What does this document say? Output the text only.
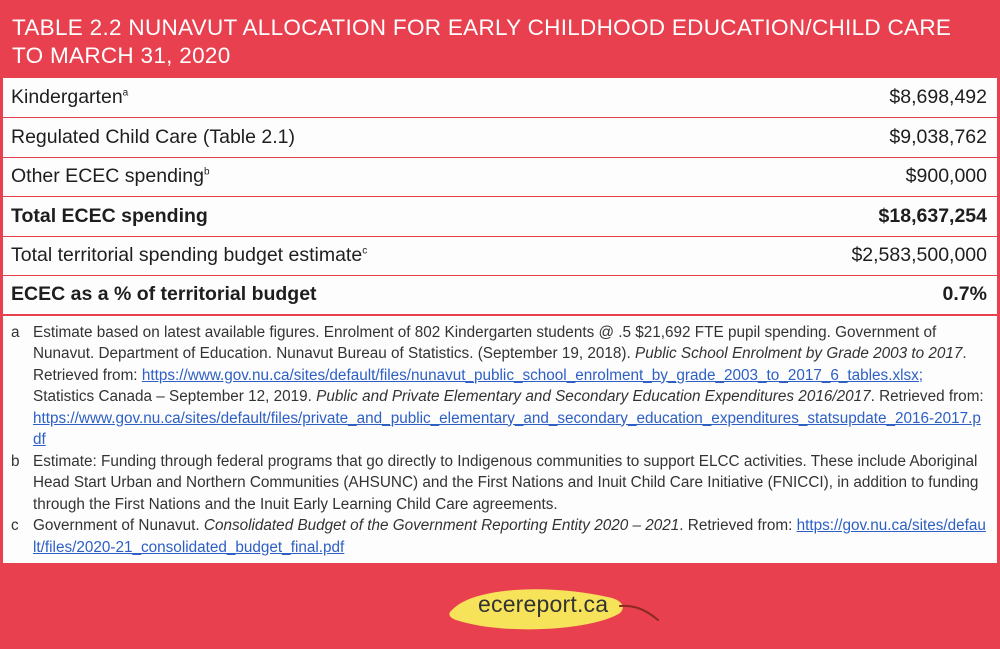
TABLE 2.2 NUNAVUT ALLOCATION FOR EARLY CHILDHOOD EDUCATION/CHILD CARE
TO MARCH 31, 2020
Kindergarten$^a$	$8,698,492
Regulated Child Care (Table 2.1)	$9,038,762
Other ECEC spending$^b$	$900,000
Total ECEC spending	$18,637,254
Total territorial spending budget estimate$^c$	$2,583,500,000
ECEC as a % of territorial budget	0.7%
a Estimate based on latest available figures. Enrolment of 802 Kindergarten students @ .5 $21,692 FTE pupil spending. Government of Nunavut. Department of Education. Nunavut Bureau of Statistics. (September 19, 2018). Public School Enrolment by Grade 2003 to 2017. Retrieved from: https://www.gov.nu.ca/sites/default/files/nunavut_public_school_enrolment_by_grade_2003_to_2017_6_tables.xlsx; Statistics Canada – September 12, 2019. Public and Private Elementary and Secondary Education Expenditures 2016/2017. Retrieved from: https://www.gov.nu.ca/sites/default/files/private_and_public_elementary_and_secondary_education_expenditures_statsupdate_2016-2017.pdf
b Estimate: Funding through federal programs that go directly to Indigenous communities to support ELCC activities. These include Aboriginal Head Start Urban and Northern Communities (AHSUNC) and the First Nations and Inuit Child Care Initiative (FNICCI), in addition to funding through the First Nations and the Inuit Early Learning Child Care agreements.
c Government of Nunavut. Consolidated Budget of the Government Reporting Entity 2020 – 2021. Retrieved from: https://gov.nu.ca/sites/default/files/2020-21_consolidated_budget_final.pdf
ecereport.ca
